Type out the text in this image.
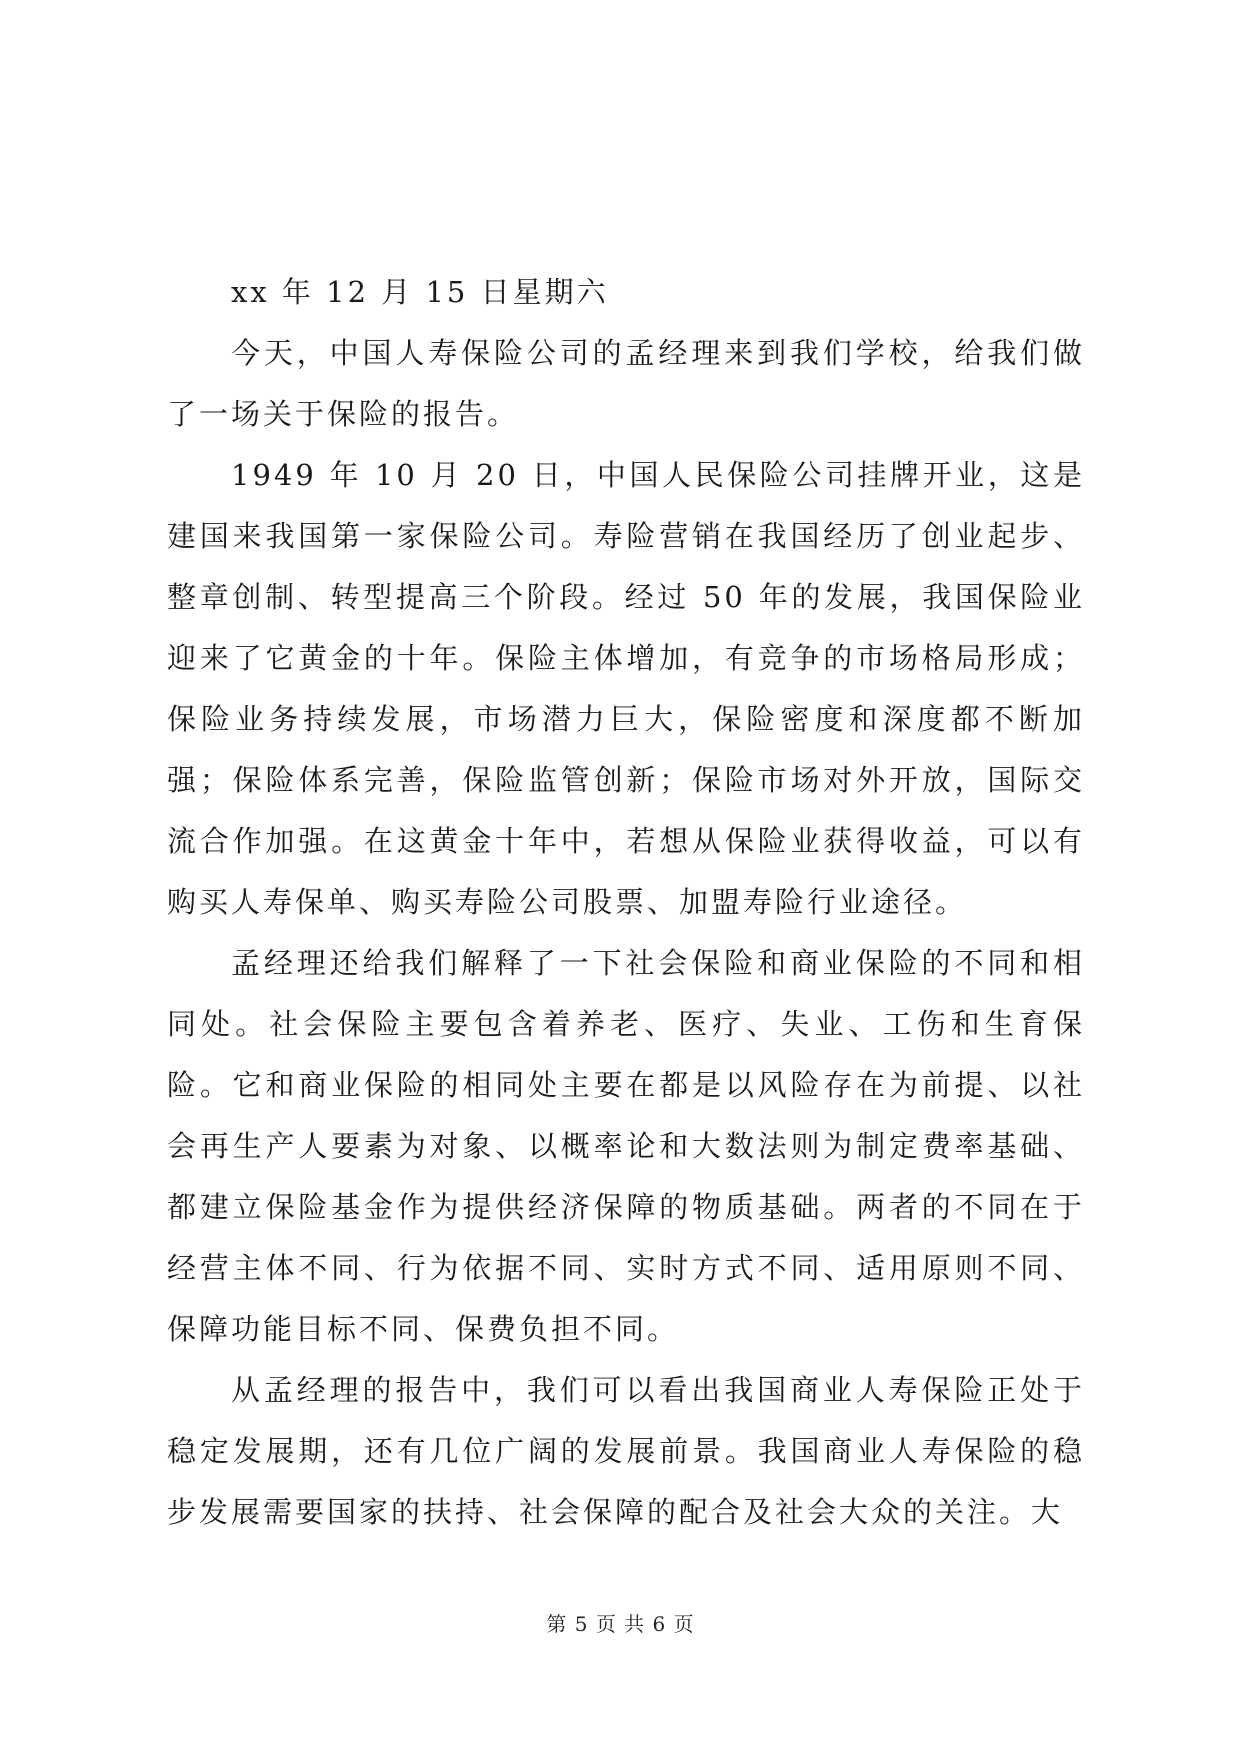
xx 年 12 月 15 日星期六

今天，中国人寿保险公司的孟经理来到我们学校，给我们做了一场关于保险的报告。

1949 年 10 月 20 日，中国人民保险公司挂牌开业，这是建国来我国第一家保险公司。寿险营销在我国经历了创业起步、整章创制、转型提高三个阶段。经过 50 年的发展，我国保险业迎来了它黄金的十年。保险主体增加，有竞争的市场格局形成；保险业务持续发展，市场潜力巨大，保险密度和深度都不断加强；保险体系完善，保险监管创新；保险市场对外开放，国际交流合作加强。在这黄金十年中，若想从保险业获得收益，可以有购买人寿保单、购买寿险公司股票、加盟寿险行业途径。

孟经理还给我们解释了一下社会保险和商业保险的不同和相同处。社会保险主要包含着养老、医疗、失业、工伤和生育保险。它和商业保险的相同处主要在都是以风险存在为前提、以社会再生产人要素为对象、以概率论和大数法则为制定费率基础、都建立保险基金作为提供经济保障的物质基础。两者的不同在于经营主体不同、行为依据不同、实时方式不同、适用原则不同、保障功能目标不同、保费负担不同。

从孟经理的报告中，我们可以看出我国商业人寿保险正处于稳定发展期，还有几位广阔的发展前景。我国商业人寿保险的稳步发展需要国家的扶持、社会保障的配合及社会大众的关注。大

第 5 页 共 6 页
